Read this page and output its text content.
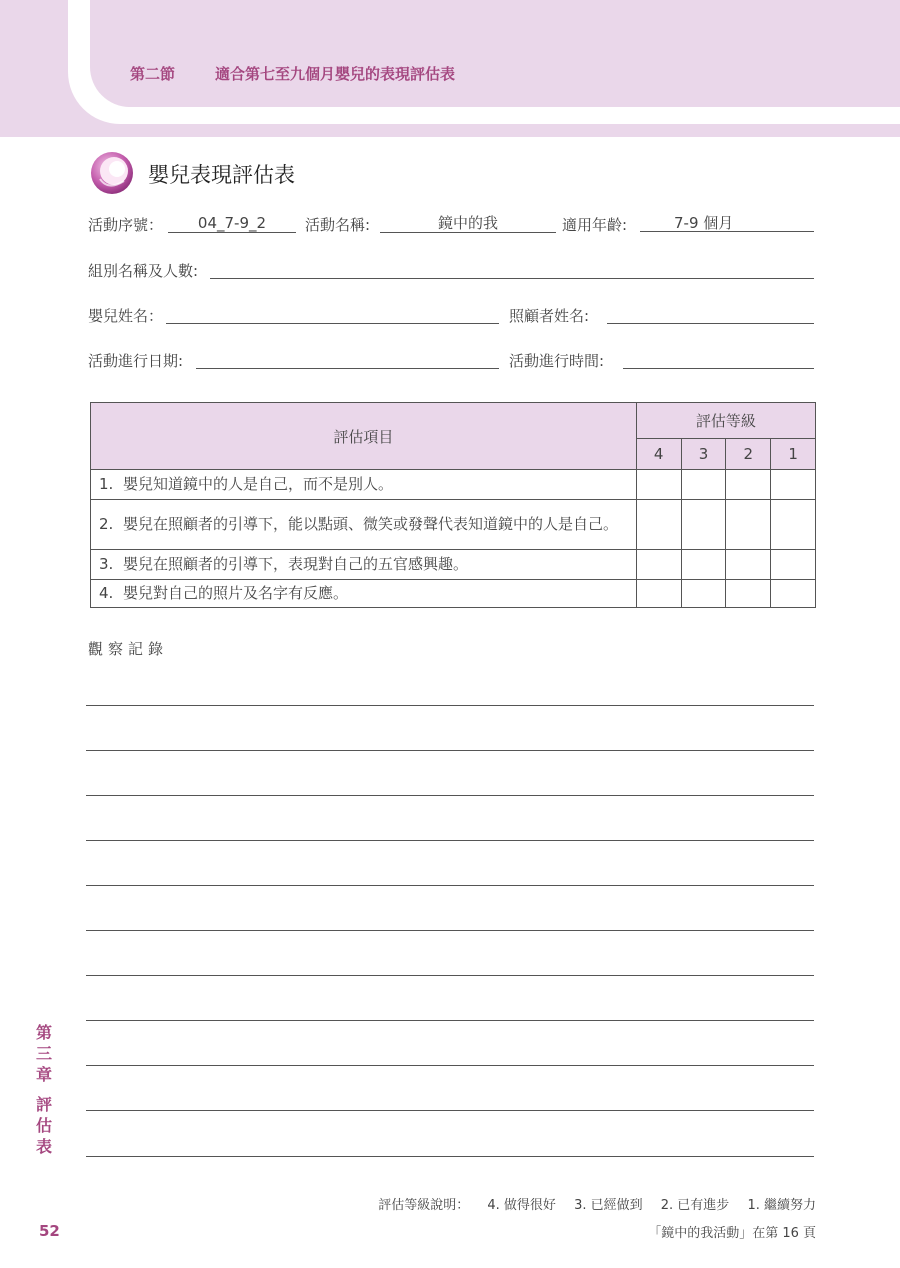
第二節	適合第七至九個月嬰兒的表現評估表
嬰兒表現評估表
活動序號：	04_7-9_2	活動名稱:	鏡中的我	適用年齡:	7-9 個月
組別名稱及人數:
嬰兒姓名：	照顧者姓名:
活動進行日期:	活動進行時間:
評估項目	評估等級			
	4	3	2	1
1. 嬰兒知道鏡中的人是自己，而不是別人。				
2. 嬰兒在照顧者的引導下，能以點頭、微笑或發聲代表知道鏡中的人是自己。				
3. 嬰兒在照顧者的引導下，表現對自己的五官感興趣。				
4. 嬰兒對自己的照片及名字有反應。				
觀察記錄
第三章
評估表
評估等級說明： 4. 做得很好 3. 已經做到 2. 已有進步 1. 繼續努力
52	「鏡中的我活動」在第 16 頁
